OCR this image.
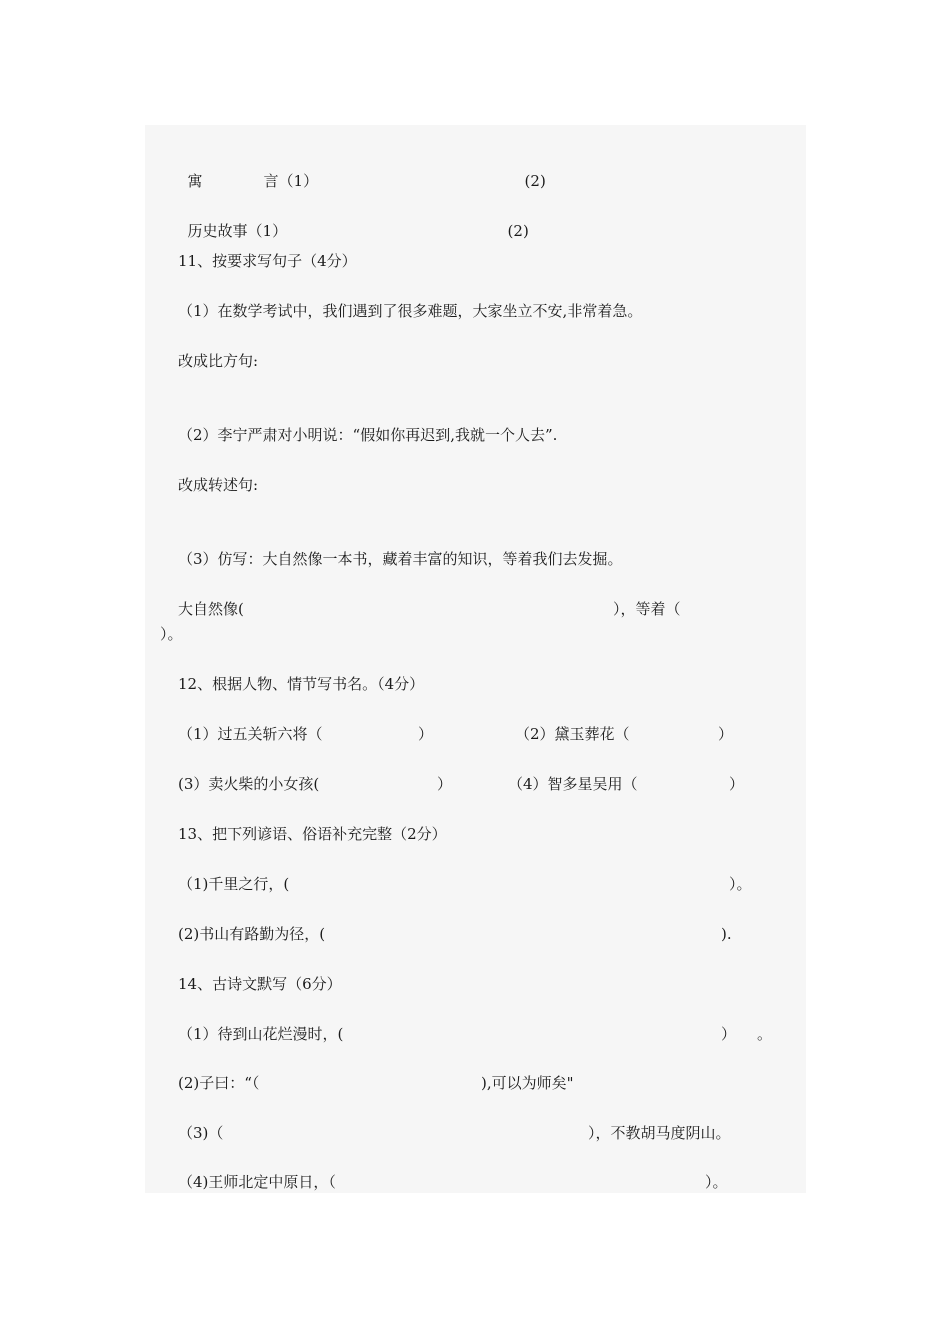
寓	言（1）	(2)

历史故事（1）	(2)

11、按要求写句子（4分）
（1）在数学考试中，我们遇到了很多难题，大家坐立不安,非常着急。
改成比方句:
（2）李宁严肃对小明说：“假如你再迟到,我就一个人去”.
改成转述句:
（3）仿写：大自然像一本书，藏着丰富的知识，等着我们去发掘。
大自然像(	），等着（
）。
12、根据人物、情节写书名。（4分）
（1）过五关斩六将（	）	（2）黛玉葬花（	）
(3）卖火柴的小女孩(	）	（4）智多星吴用（	）
13、把下列谚语、俗语补充完整（2分）
（1)千里之行，(	）。
(2)书山有路勤为径，(	).
14、古诗文默写（6分）
（1）待到山花烂漫时，(	） 。
(2)子曰：“（	),可以为师矣"
（3)（	），不教胡马度阴山。
（4)王师北定中原日，（	）。
